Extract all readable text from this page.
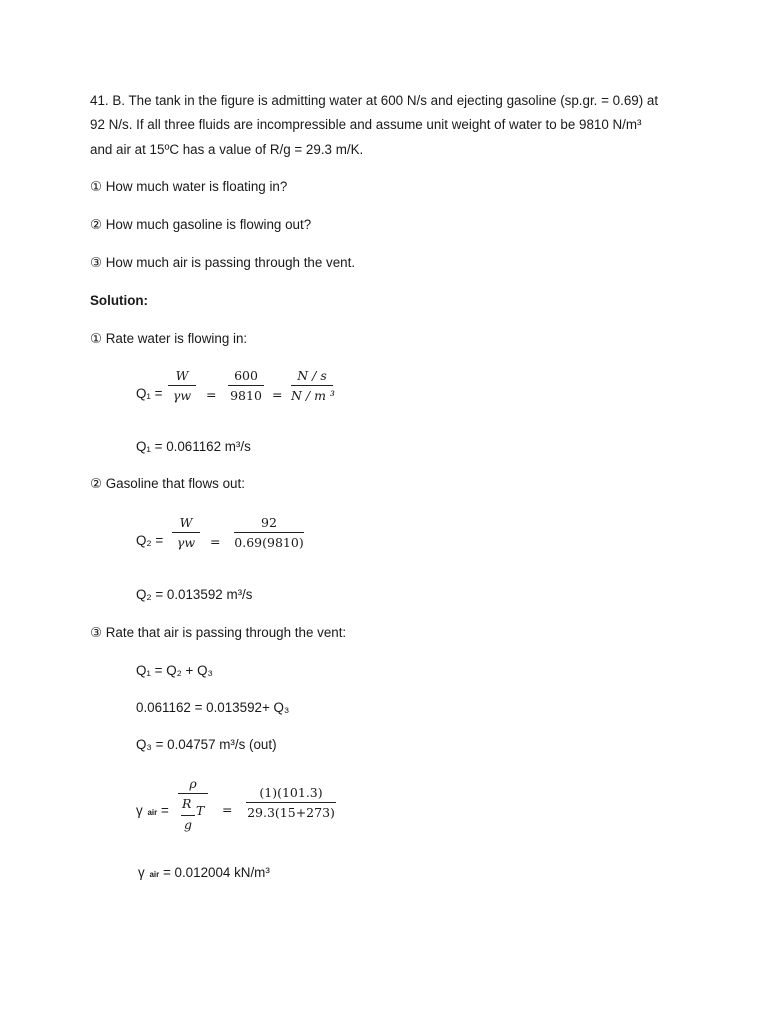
41. B. The tank in the figure is admitting water at 600 N/s and ejecting gasoline (sp.gr. = 0.69) at
92 N/s. If all three fluids are incompressible and assume unit weight of water to be 9810 N/m³
and air at 15ºC has a value of R/g = 29.3 m/K.
① How much water is floating in?
② How much gasoline is flowing out?
③ How much air is passing through the vent.
Solution:
① Rate water is flowing in:
Q₁ =
W
γw	=
600
9810 =
N / s
N / m ³
Q₁ = 0.061162 m³/s
② Gasoline that flows out:
Q₂ =
W
γw	=
92
0.69(9810)
Q₂ = 0.013592 m³/s
③ Rate that air is passing through the vent:
Q₁ = Q₂ + Q₃
0.061162 = 0.013592+ Q₃
Q₃ = 0.04757 m³/s (out)
γ air =
ρ
R T
g
=
(1)(101.3)
29.3(15+273)
γ air = 0.012004 kN/m³
